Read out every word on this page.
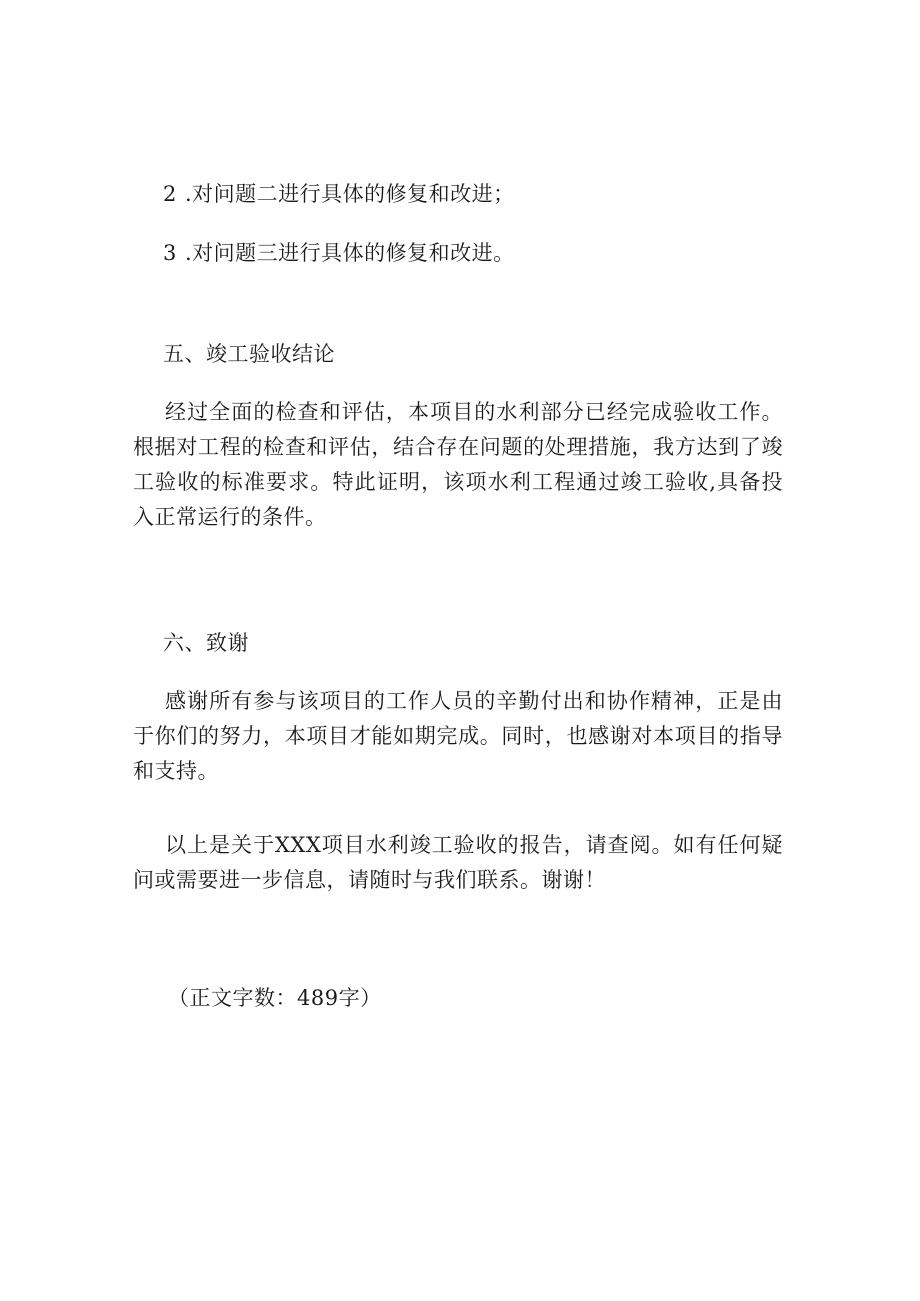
2 .对问题二进行具体的修复和改进；
3 .对问题三进行具体的修复和改进。
五、竣工验收结论
经过全面的检查和评估，本项目的水利部分已经完成验收工作。根据对工程的检查和评估，结合存在问题的处理措施，我方达到了竣工验收的标准要求。特此证明，该项水利工程通过竣工验收,具备投入正常运行的条件。
六、致谢
感谢所有参与该项目的工作人员的辛勤付出和协作精神，正是由于你们的努力，本项目才能如期完成。同时，也感谢对本项目的指导和支持。
以上是关于XXX项目水利竣工验收的报告，请查阅。如有任何疑问或需要进一步信息，请随时与我们联系。谢谢！
（正文字数：489字）
